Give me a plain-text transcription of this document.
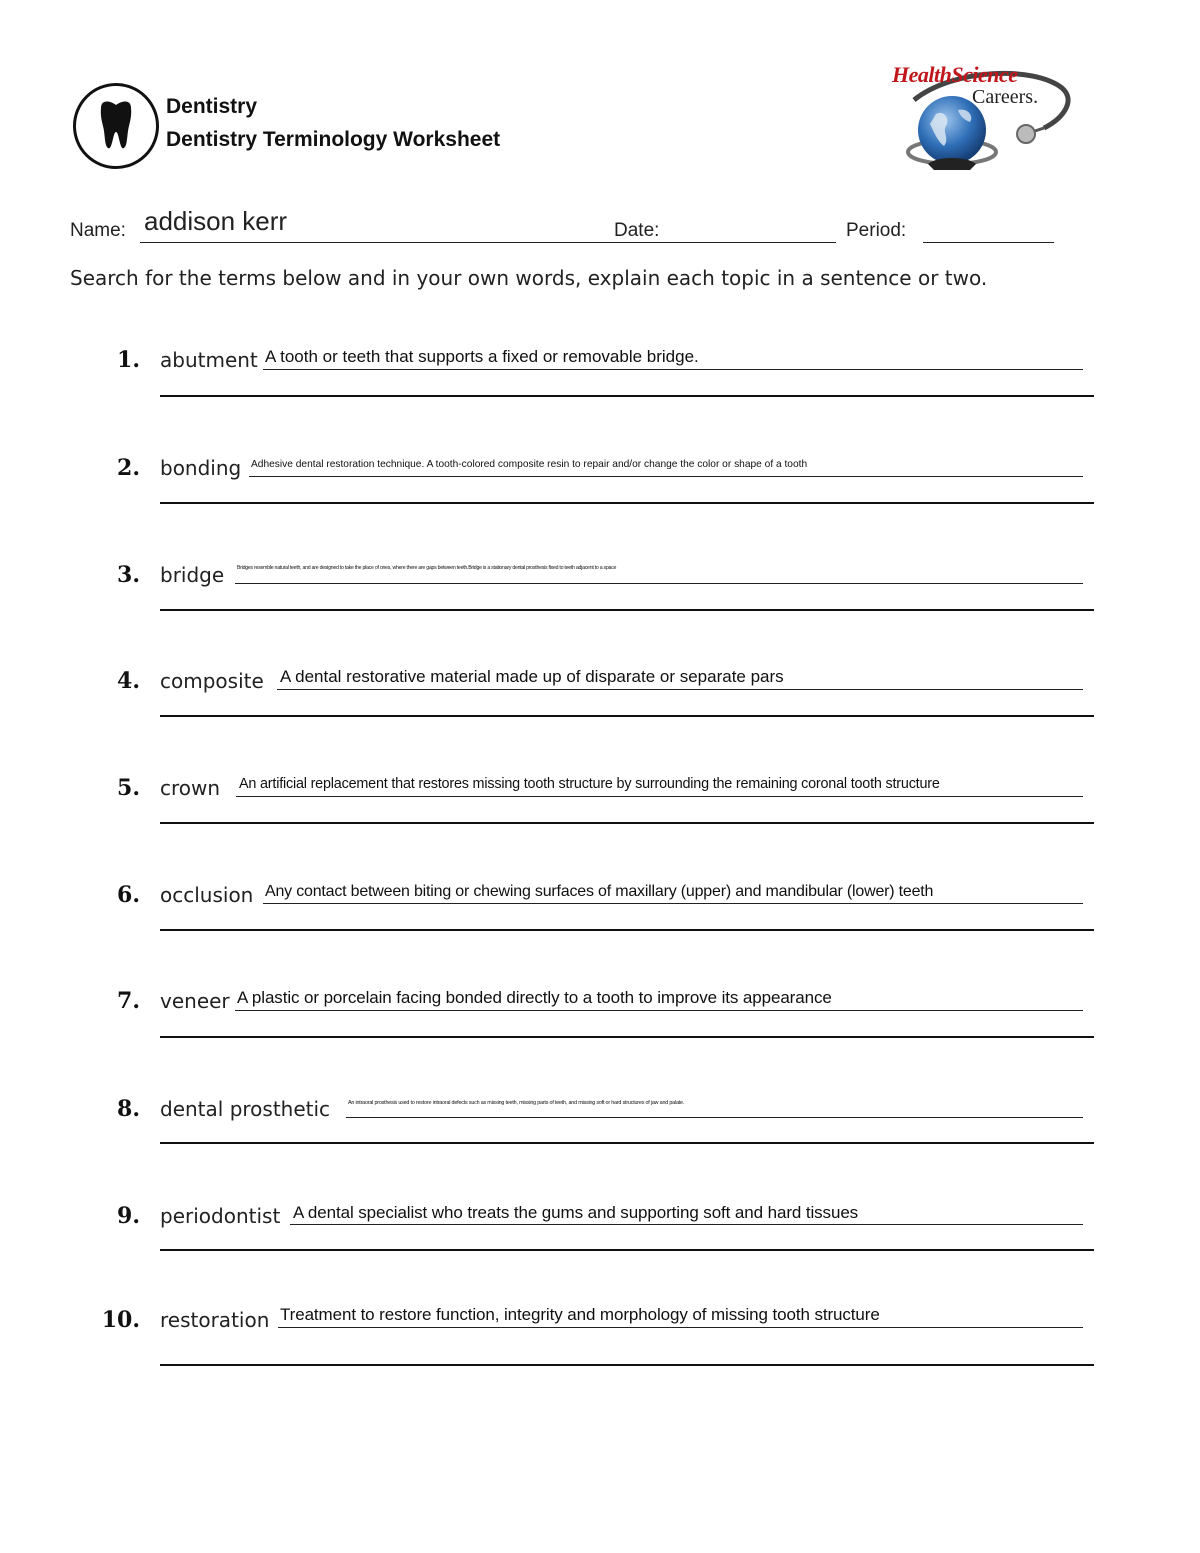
Dentistry
Dentistry Terminology Worksheet
HealthScience
Careers.
Name: addison kerr	Date:	Period:
Search for the terms below and in your own words, explain each topic in a sentence or two.
1. abutment A tooth or teeth that supports a fixed or removable bridge.
2. bonding Adhesive dental restoration technique. A tooth-colored composite resin to repair and/or change the color or shape of a tooth
3. bridge Bridges resemble natural teeth, and are designed to take the place of ones, where there are gaps between teeth.Bridge is a stationary dental prosthesis fixed to teeth adjacent to a space
4. composite A dental restorative material made up of disparate or separate pars
5. crown An artificial replacement that restores missing tooth structure by surrounding the remaining coronal tooth structure
6. occlusion Any contact between biting or chewing surfaces of maxillary (upper) and mandibular (lower) teeth
7. veneer A plastic or porcelain facing bonded directly to a tooth to improve its appearance
8. dental prosthetic	An intraoral prosthesis used to restore intraoral defects such as missing teeth, missing parts of teeth, and missing soft or hard structures of jaw and palate.
9. periodontist A dental specialist who treats the gums and supporting soft and hard tissues
10. restoration Treatment to restore function, integrity and morphology of missing tooth structure
